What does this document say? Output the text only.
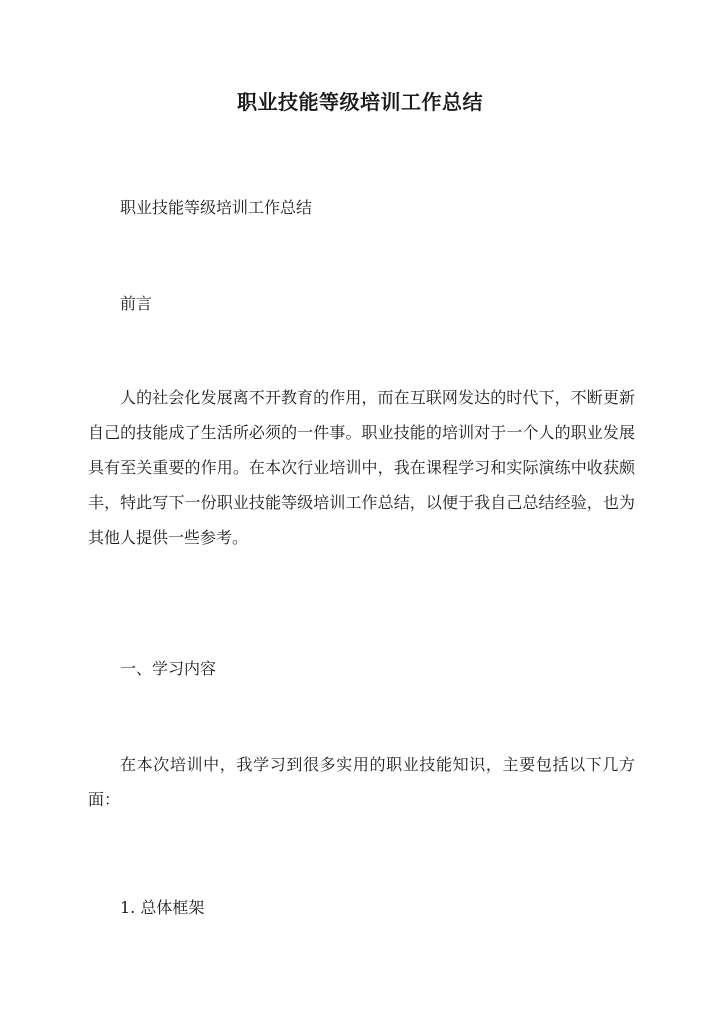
职业技能等级培训工作总结

职业技能等级培训工作总结

前言

人的社会化发展离不开教育的作用，而在互联网发达的时代下，不断更新自己的技能成了生活所必须的一件事。职业技能的培训对于一个人的职业发展具有至关重要的作用。在本次行业培训中，我在课程学习和实际演练中收获颇丰，特此写下一份职业技能等级培训工作总结，以便于我自己总结经验，也为其他人提供一些参考。

一、学习内容

在本次培训中，我学习到很多实用的职业技能知识，主要包括以下几方面：

1. 总体框架
